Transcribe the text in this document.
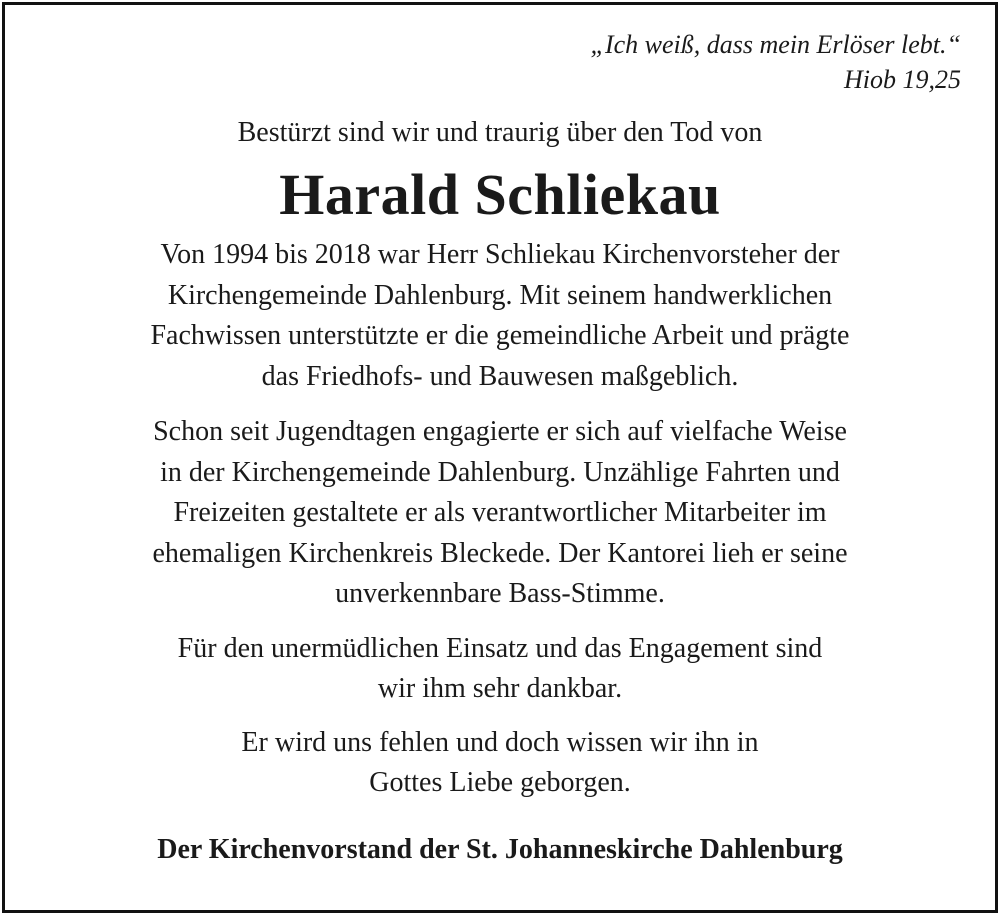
„Ich weiß, dass mein Erlöser lebt.“
Hiob 19,25

Bestürzt sind wir und traurig über den Tod von

Harald Schliekau
Von 1994 bis 2018 war Herr Schliekau Kirchenvorsteher der
Kirchengemeinde Dahlenburg. Mit seinem handwerklichen
Fachwissen unterstützte er die gemeindliche Arbeit und prägte
das Friedhofs- und Bauwesen maßgeblich.
Schon seit Jugendtagen engagierte er sich auf vielfache Weise
in der Kirchengemeinde Dahlenburg. Unzählige Fahrten und
Freizeiten gestaltete er als verantwortlicher Mitarbeiter im
ehemaligen Kirchenkreis Bleckede. Der Kantorei lieh er seine
unverkennbare Bass-Stimme.
Für den unermüdlichen Einsatz und das Engagement sind
wir ihm sehr dankbar.
Er wird uns fehlen und doch wissen wir ihn in
Gottes Liebe geborgen.
Der Kirchenvorstand der St. Johanneskirche Dahlenburg
